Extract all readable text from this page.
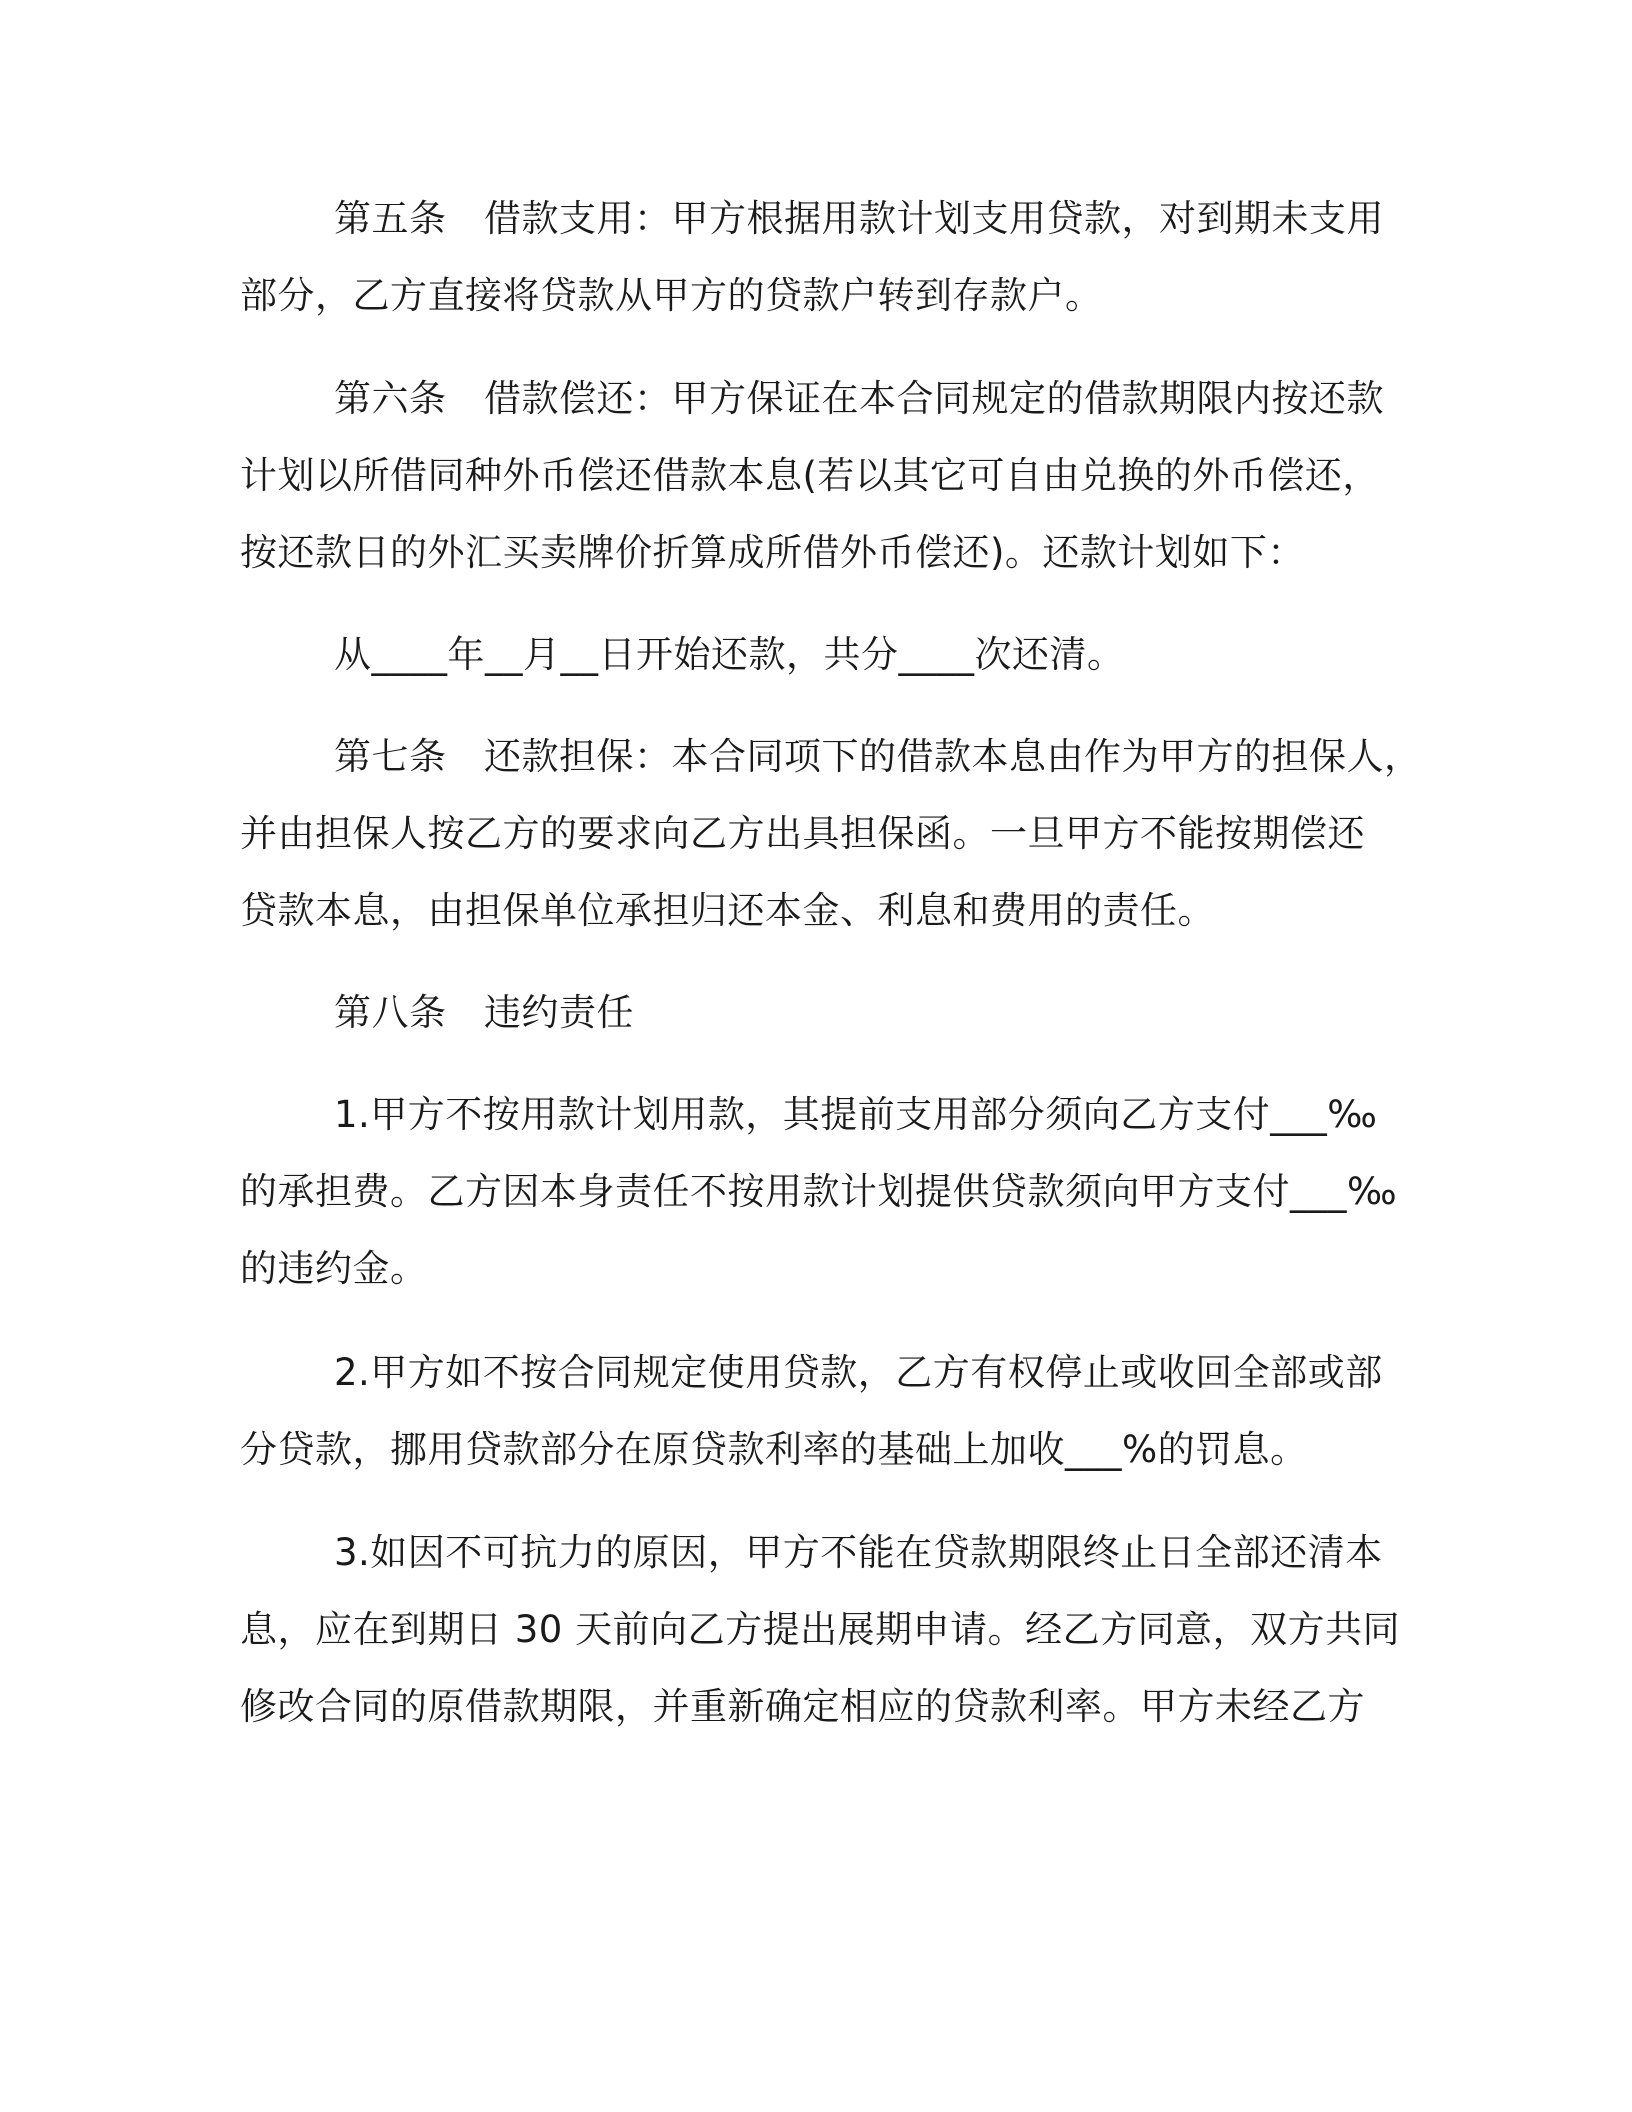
第五条　借款支用：甲方根据用款计划支用贷款，对到期未支用
部分，乙方直接将贷款从甲方的贷款户转到存款户。
第六条　借款偿还：甲方保证在本合同规定的借款期限内按还款
计划以所借同种外币偿还借款本息(若以其它可自由兑换的外币偿还，
按还款日的外汇买卖牌价折算成所借外币偿还)。还款计划如下：
从____年__月__日开始还款，共分____次还清。
第七条　还款担保：本合同项下的借款本息由作为甲方的担保人，
并由担保人按乙方的要求向乙方出具担保函。一旦甲方不能按期偿还
贷款本息，由担保单位承担归还本金、利息和费用的责任。
第八条　违约责任
1.甲方不按用款计划用款，其提前支用部分须向乙方支付___‰
的承担费。乙方因本身责任不按用款计划提供贷款须向甲方支付___‰
的违约金。
2.甲方如不按合同规定使用贷款，乙方有权停止或收回全部或部
分贷款，挪用贷款部分在原贷款利率的基础上加收___%的罚息。
3.如因不可抗力的原因，甲方不能在贷款期限终止日全部还清本
息，应在到期日 30 天前向乙方提出展期申请。经乙方同意，双方共同
修改合同的原借款期限，并重新确定相应的贷款利率。甲方未经乙方
